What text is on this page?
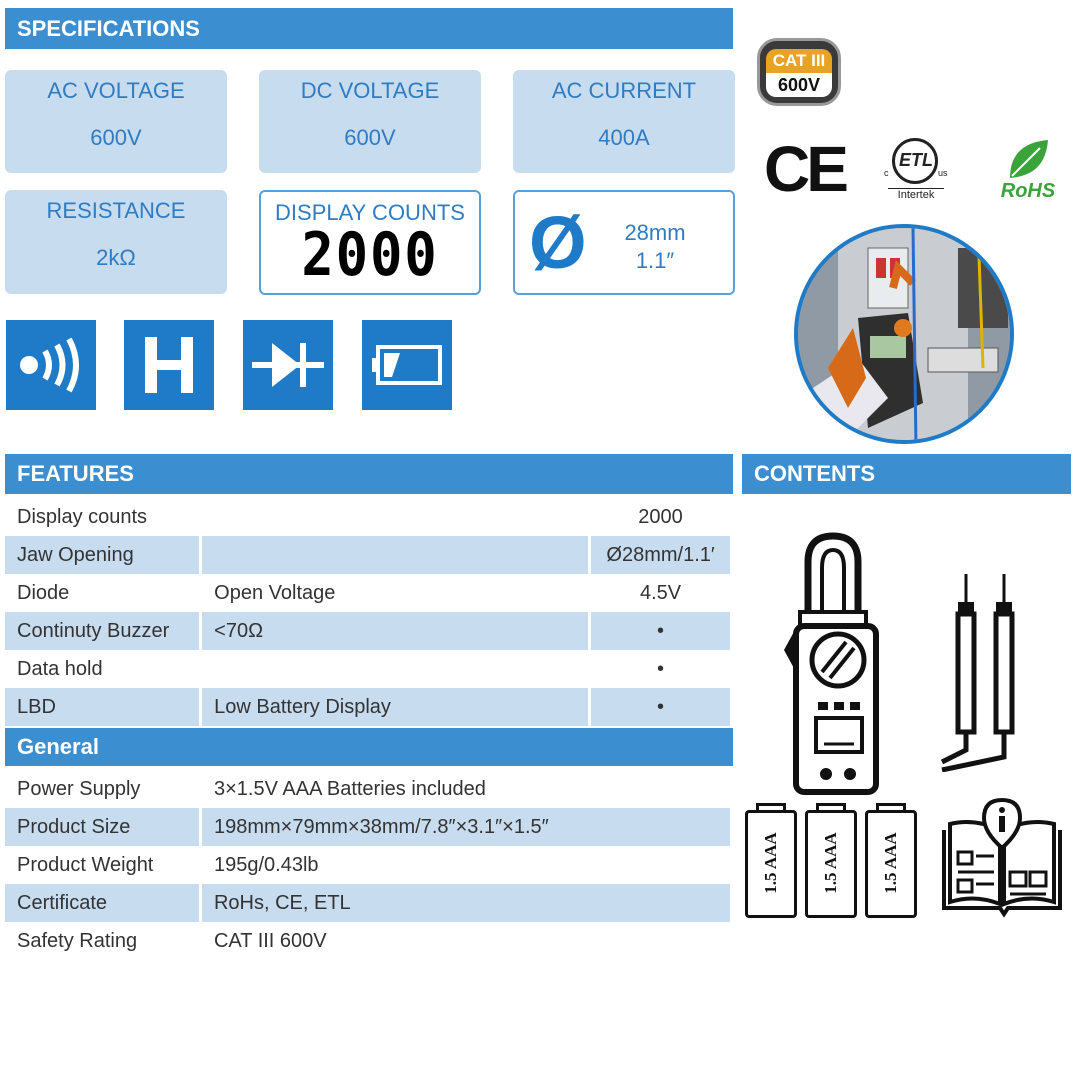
SPECIFICATIONS
AC VOLTAGE
600V
DC VOLTAGE
600V
AC CURRENT
400A
RESISTANCE
2kΩ
DISPLAY COUNTS
2000	Ø	28mm
1.1″
CAT III
600V
CE	ETL
c	us
Intertek	RoHS
FEATURES	CONTENTS
Display counts		2000
Jaw Opening		Ø28mm/1.1′
Diode	Open Voltage	4.5V
Continuty Buzzer	<70Ω	•
Data hold		•
LBD	Low Battery Display	•
General
Power Supply	3×1.5V AAA Batteries included
Product Size	198mm×79mm×38mm/7.8″×3.1″×1.5″
Product Weight	195g/0.43lb
Certificate	RoHs, CE, ETL
Safety Rating	CAT III 600V
1.5 AAA 1.5 AAA 1.5 AAA
